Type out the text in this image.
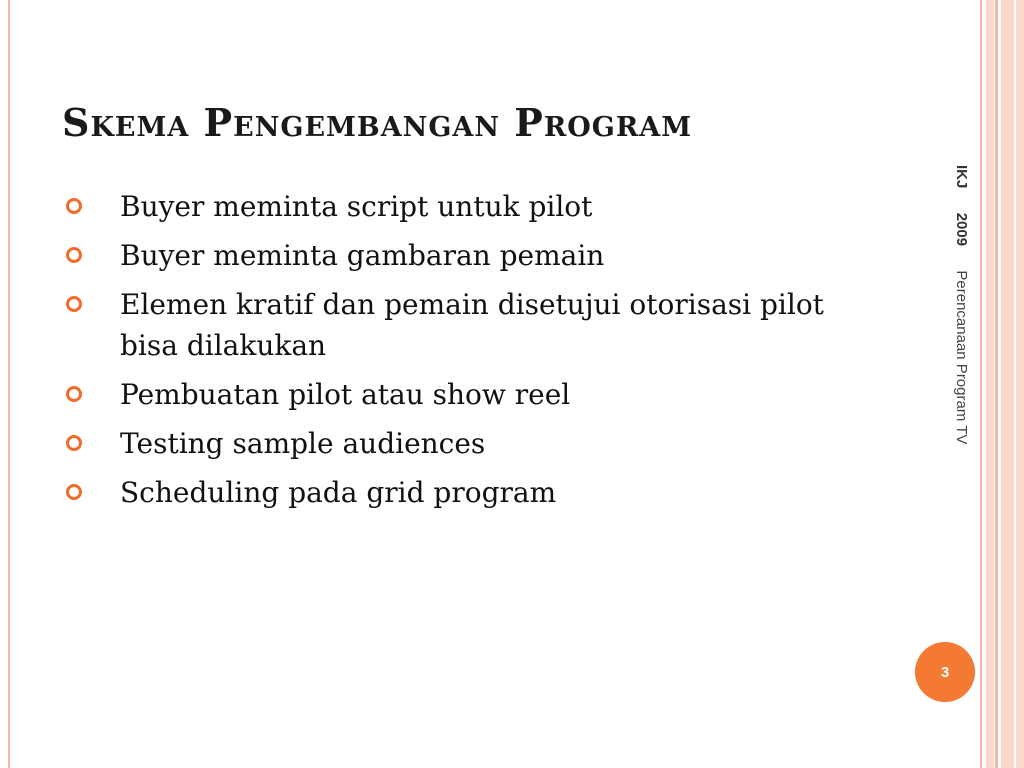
Skema Pengembangan Program
Buyer meminta script untuk pilot
Buyer meminta gambaran pemain
Elemen kratif dan pemain disetujui otorisasi pilot bisa dilakukan
Pembuatan pilot atau show reel
Testing sample audiences
Scheduling pada grid program
IKJ  2009  Perencanaan Program TV
3
